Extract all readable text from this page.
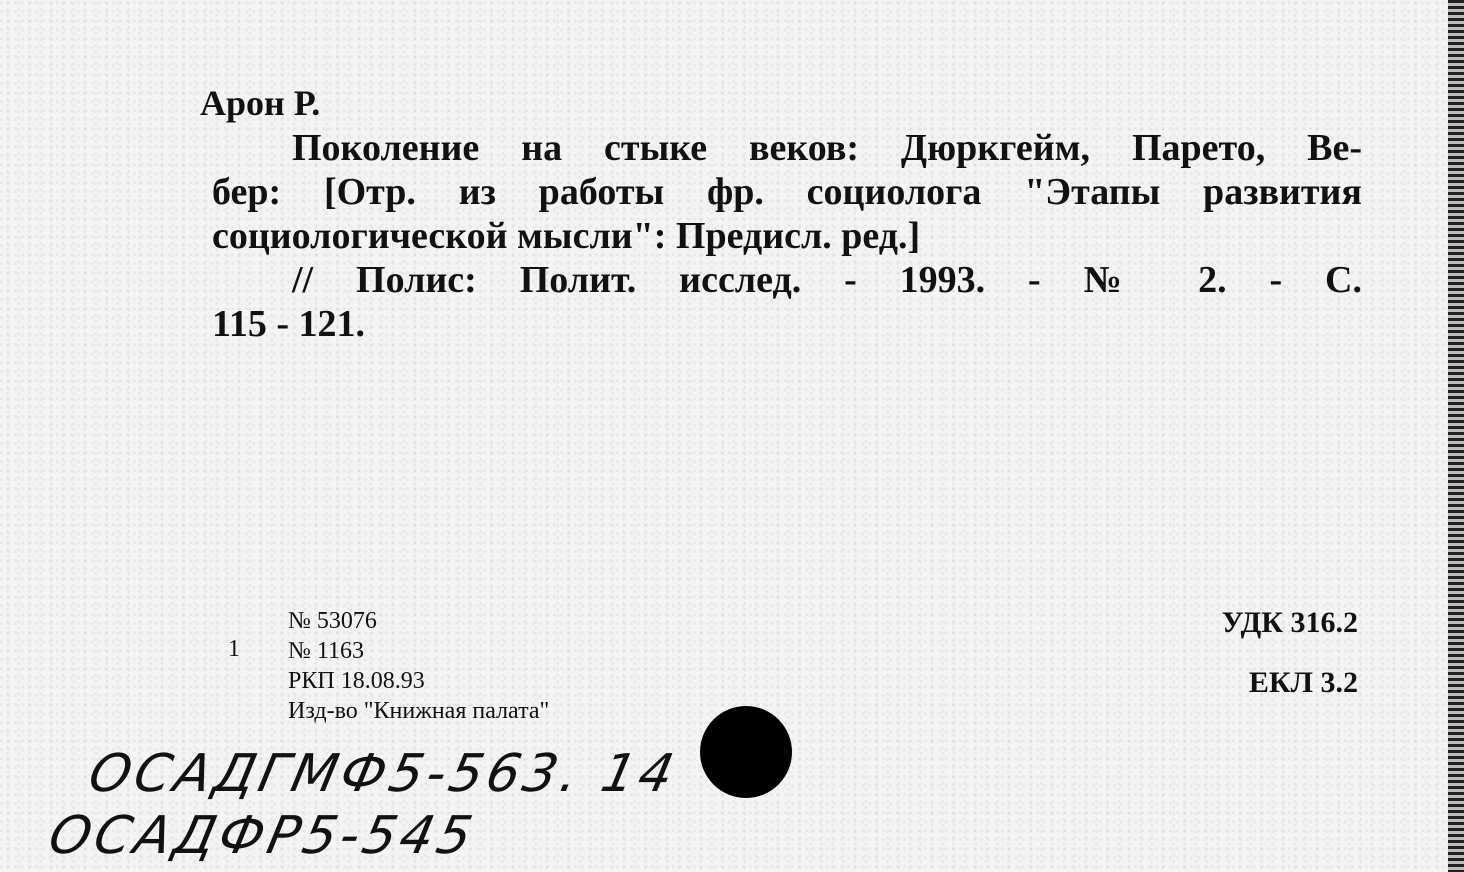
Арон Р.
Поколение на стыке веков: Дюркгейм, Парето, Ве-
бер: [Отр. из работы фр. социолога "Этапы развития
социологической мысли": Предисл. ред.]
// Полис: Полит. исслед. - 1993. - № 2. - С.
115 - 121.
1
№ 53076
№ 1163
РКП 18.08.93
Изд-во "Книжная палата"
УДК 316.2
ЕКЛ 3.2
ОСАДГМФ5-563. 14
ОСАДФР5-545
